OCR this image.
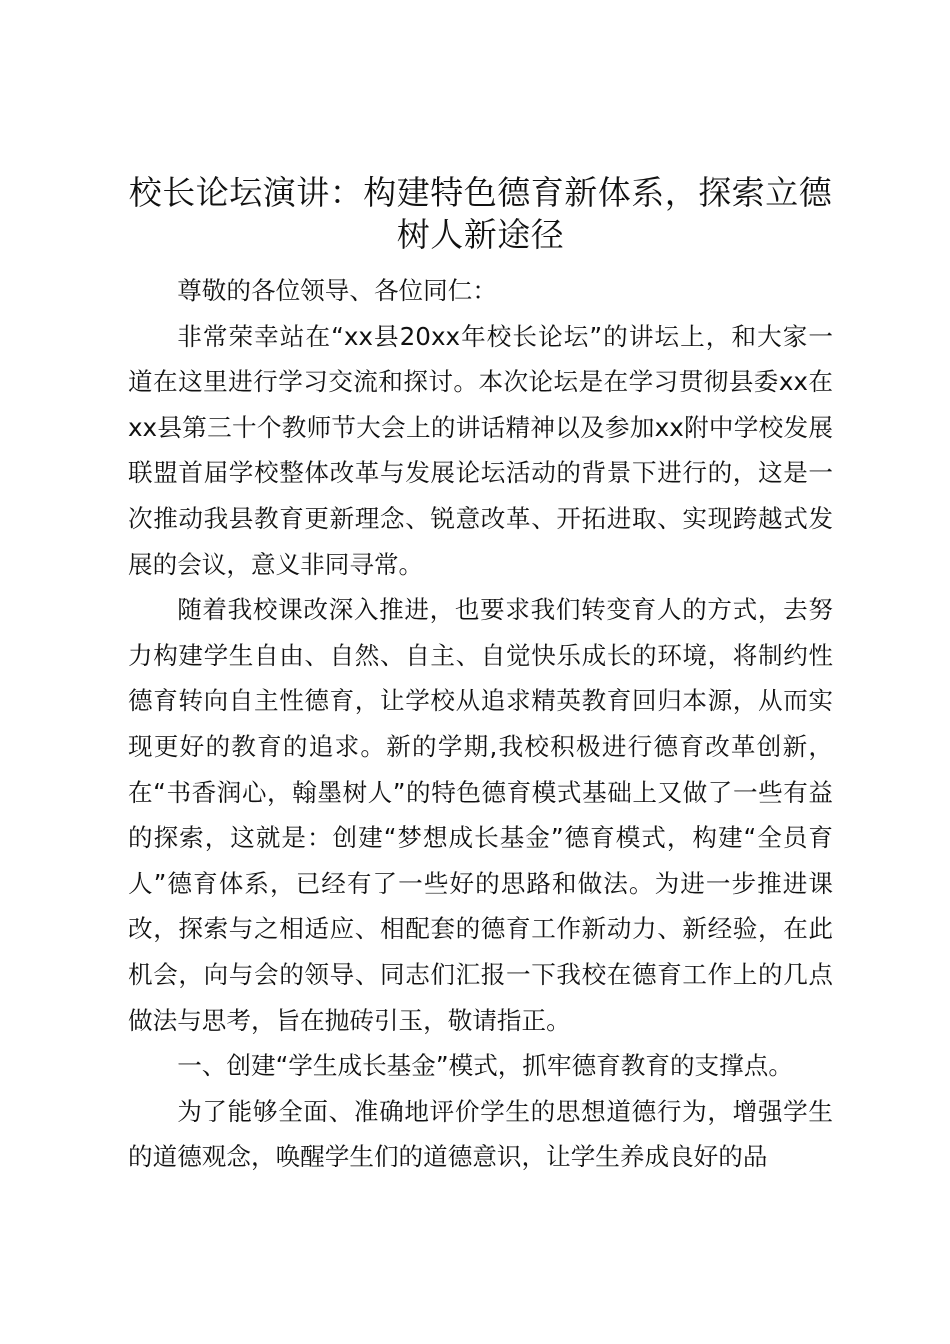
校长论坛演讲：构建特色德育新体系，探索立德树人新途径

尊敬的各位领导、各位同仁：

非常荣幸站在“xx县20xx年校长论坛”的讲坛上，和大家一道在这里进行学习交流和探讨。本次论坛是在学习贯彻县委xx在xx县第三十个教师节大会上的讲话精神以及参加xx附中学校发展联盟首届学校整体改革与发展论坛活动的背景下进行的，这是一次推动我县教育更新理念、锐意改革、开拓进取、实现跨越式发展的会议，意义非同寻常。

随着我校课改深入推进，也要求我们转变育人的方式，去努力构建学生自由、自然、自主、自觉快乐成长的环境，将制约性德育转向自主性德育，让学校从追求精英教育回归本源，从而实现更好的教育的追求。新的学期,我校积极进行德育改革创新，在“书香润心，翰墨树人”的特色德育模式基础上又做了一些有益的探索，这就是：创建“梦想成长基金”德育模式，构建“全员育人”德育体系，已经有了一些好的思路和做法。为进一步推进课改，探索与之相适应、相配套的德育工作新动力、新经验，在此机会，向与会的领导、同志们汇报一下我校在德育工作上的几点做法与思考，旨在抛砖引玉，敬请指正。

一、创建“学生成长基金”模式，抓牢德育教育的支撑点。

为了能够全面、准确地评价学生的思想道德行为，增强学生的道德观念，唤醒学生们的道德意识，让学生养成良好的品
